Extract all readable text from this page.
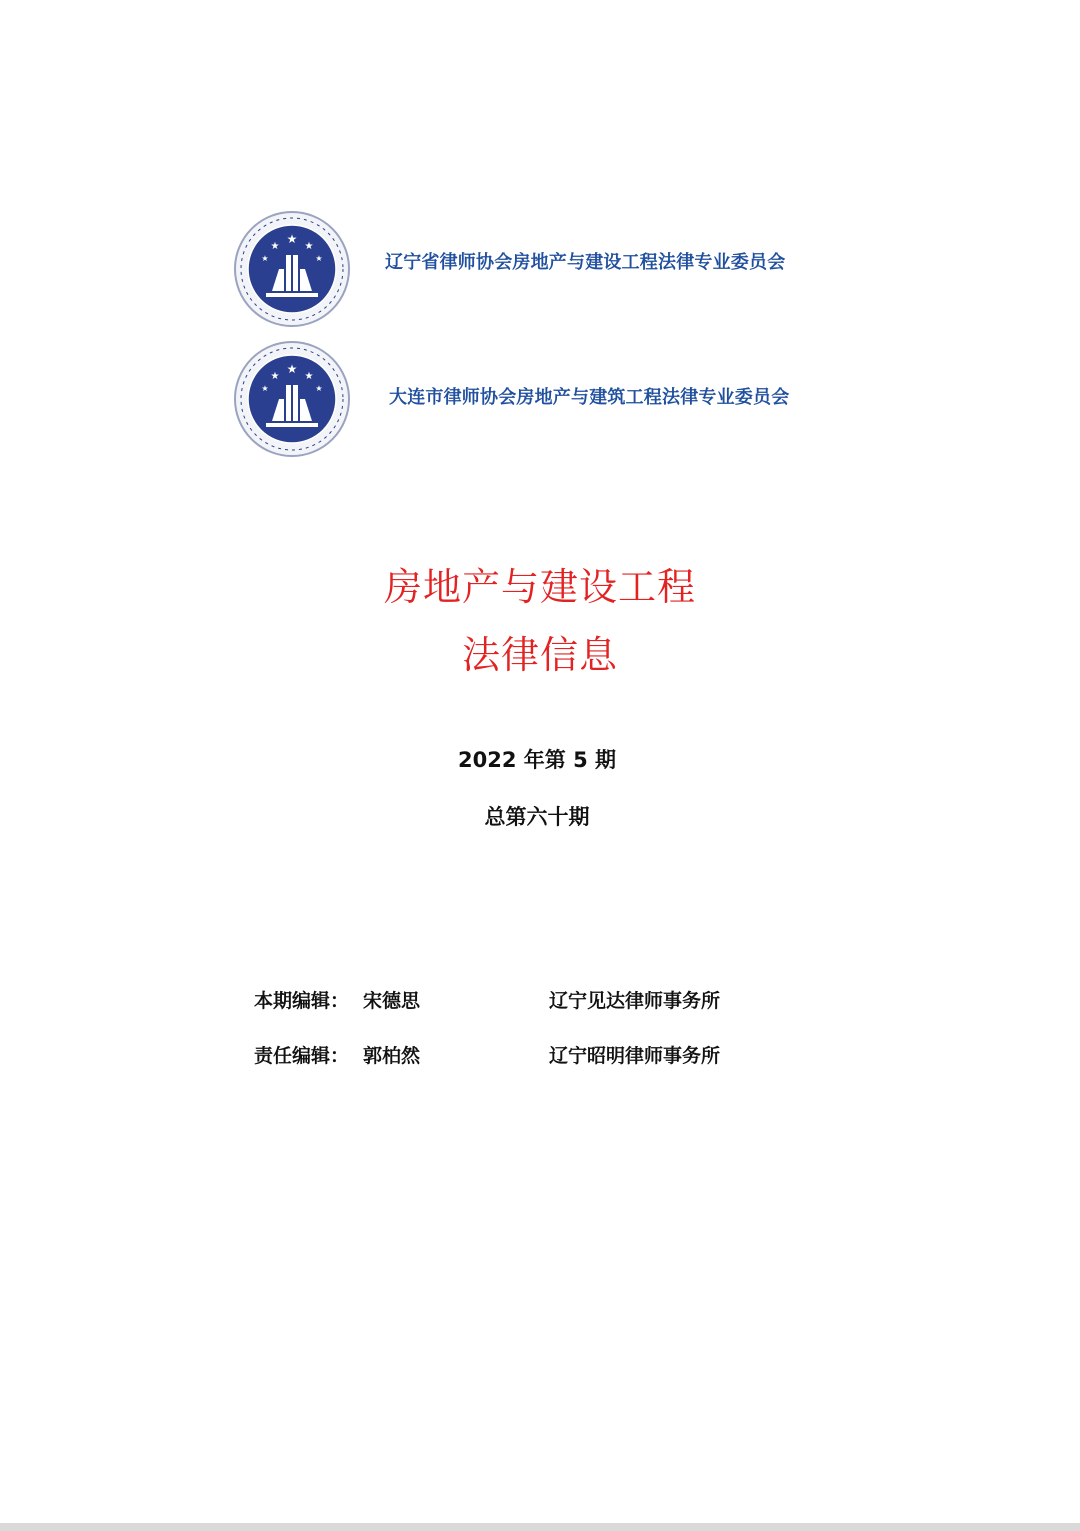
★
★	★
★	★	辽宁省律师协会房地产与建设工程法律专业委员会
★
★	★
★	★	大连市律师协会房地产与建筑工程法律专业委员会
房地产与建设工程
法律信息
2022 年第 5 期
总第六十期
本期编辑： 宋德思	辽宁见达律师事务所
责任编辑： 郭柏然	辽宁昭明律师事务所
